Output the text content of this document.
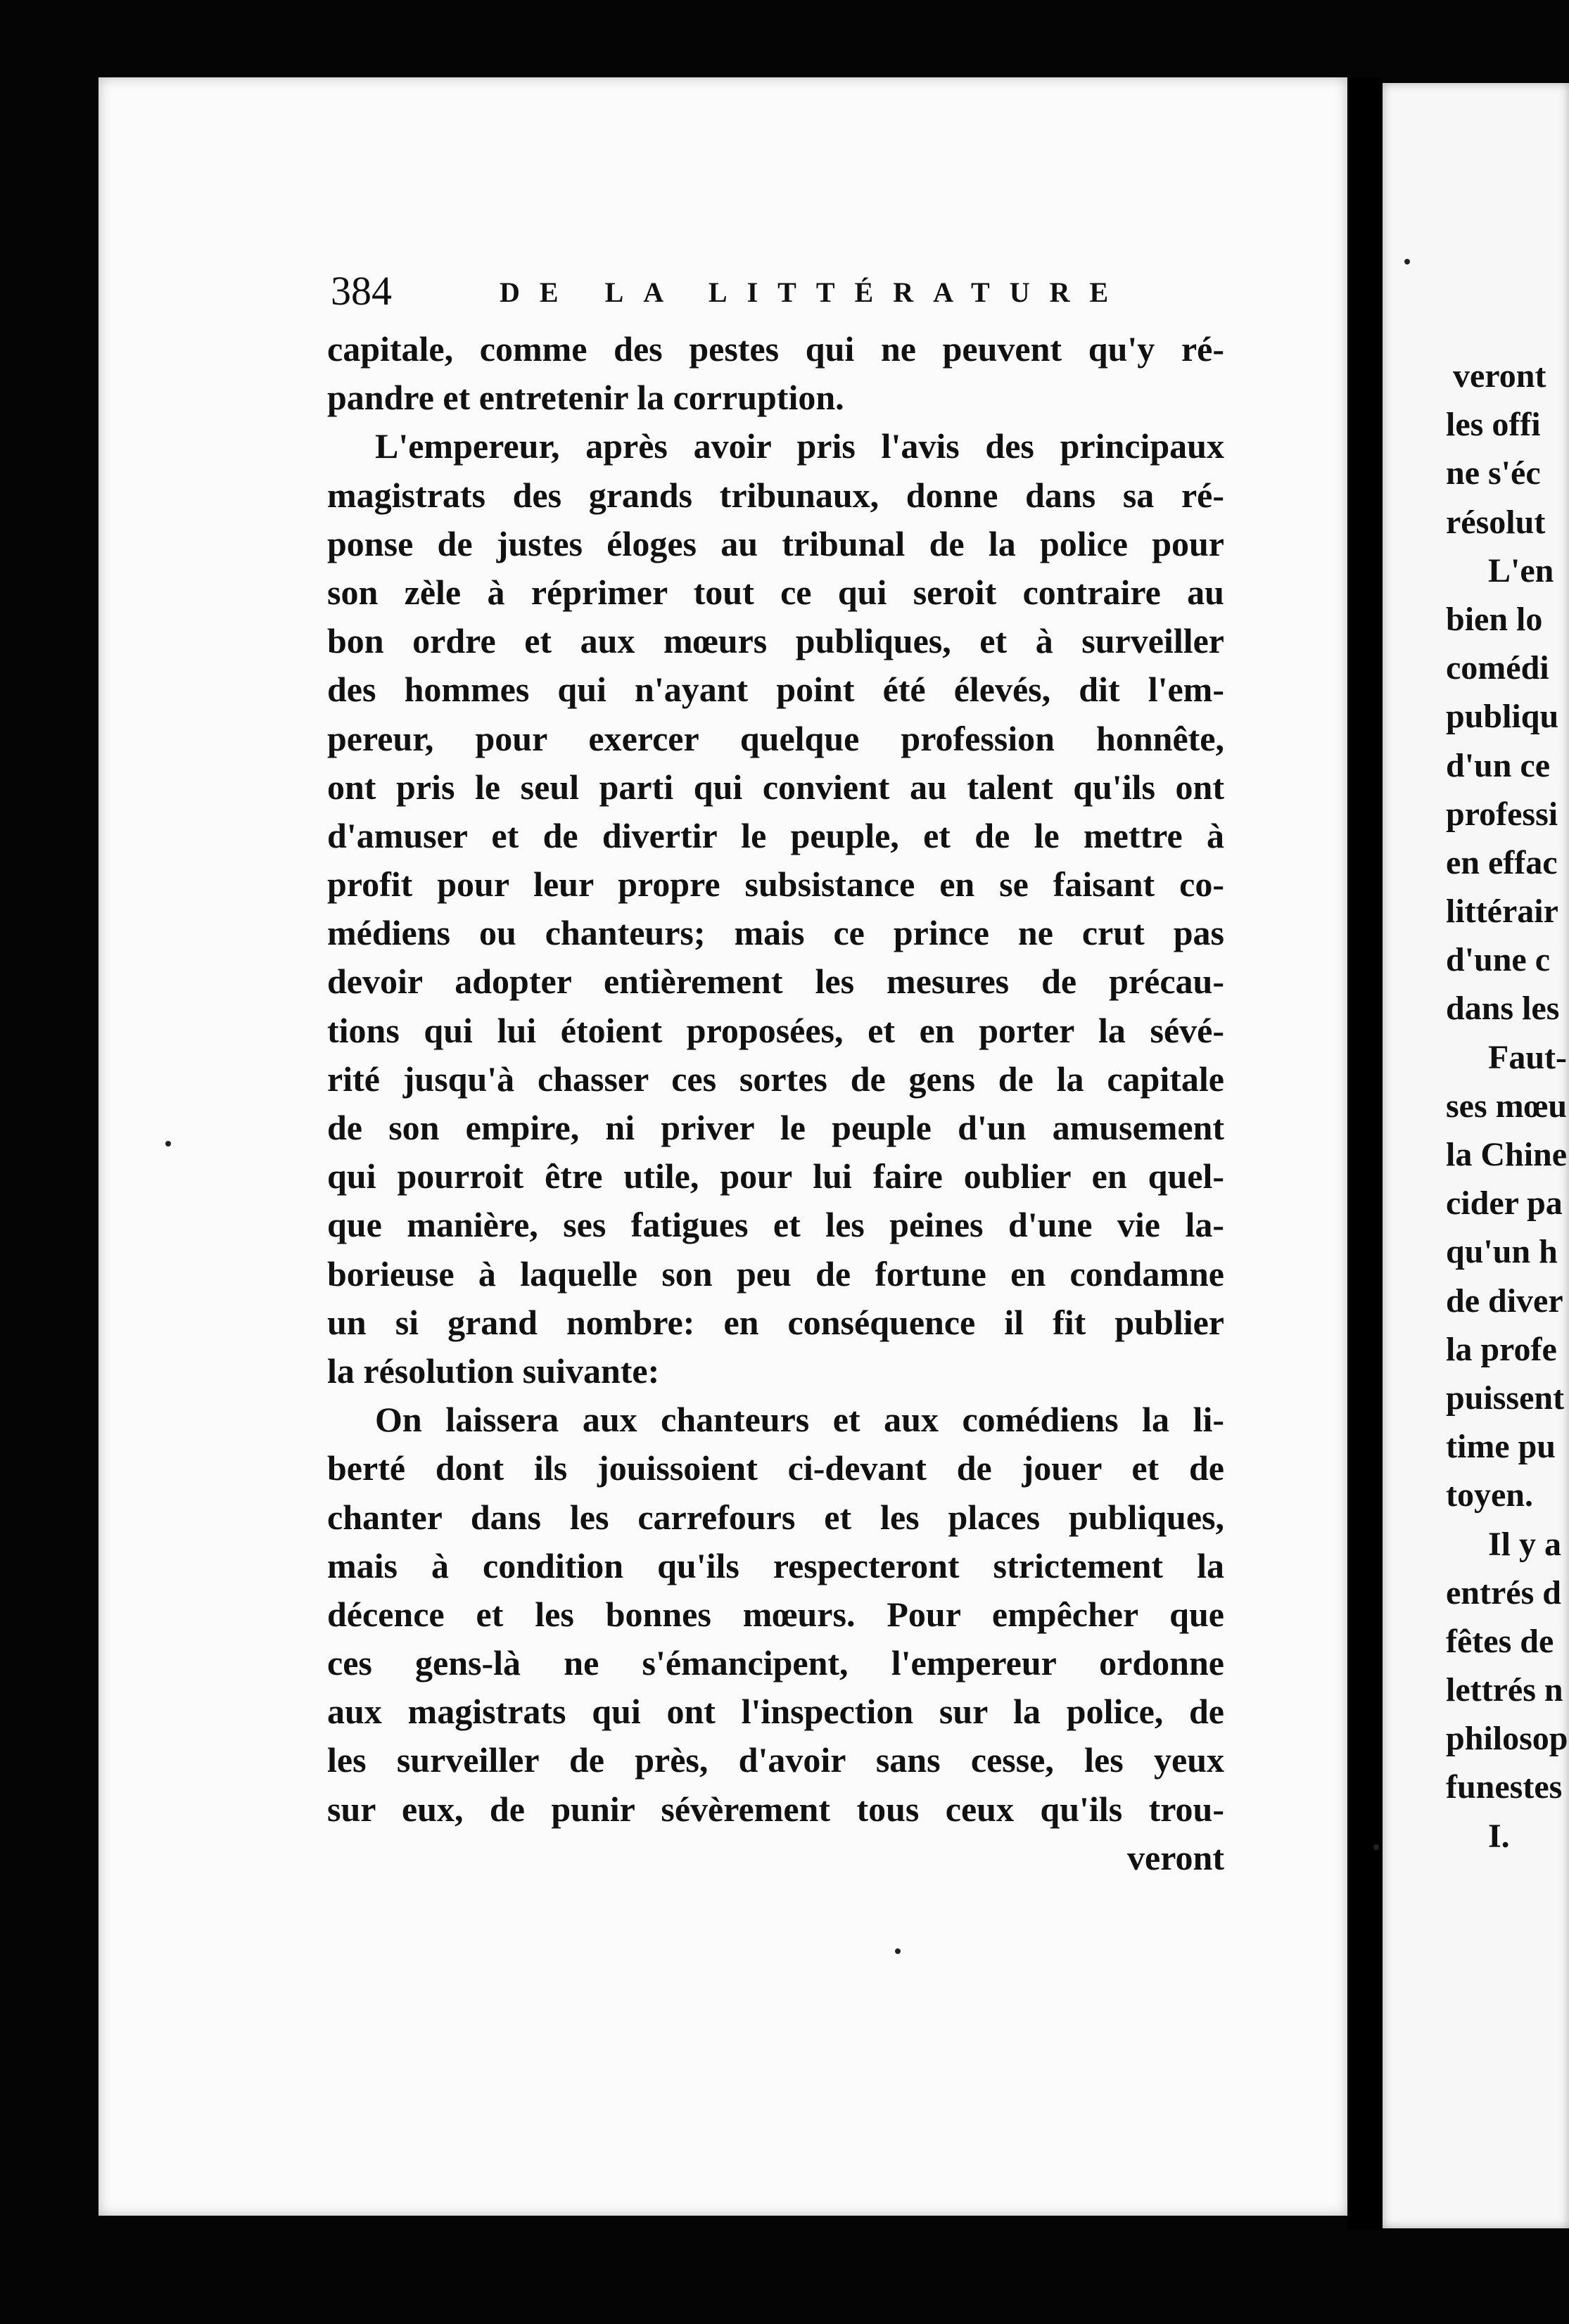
384	DE LA LITTÉRATURE
capitale, comme des pestes qui ne peuvent qu'y ré-
pandre et entretenir la corruption.
L'empereur, après avoir pris l'avis des principaux
magistrats des grands tribunaux, donne dans sa ré-
ponse de justes éloges au tribunal de la police pour
son zèle à réprimer tout ce qui seroit contraire au
bon ordre et aux mœurs publiques, et à surveiller
des hommes qui n'ayant point été élevés, dit l'em-
pereur, pour exercer quelque profession honnête,
ont pris le seul parti qui convient au talent qu'ils ont
d'amuser et de divertir le peuple, et de le mettre à
profit pour leur propre subsistance en se faisant co-
médiens ou chanteurs; mais ce prince ne crut pas
devoir adopter entièrement les mesures de précau-
tions qui lui étoient proposées, et en porter la sévé-
rité jusqu'à chasser ces sortes de gens de la capitale
de son empire, ni priver le peuple d'un amusement
qui pourroit être utile, pour lui faire oublier en quel-
que manière, ses fatigues et les peines d'une vie la-
borieuse à laquelle son peu de fortune en condamne
un si grand nombre: en conséquence il fit publier
la résolution suivante:
On laissera aux chanteurs et aux comédiens la li-
berté dont ils jouissoient ci-devant de jouer et de
chanter dans les carrefours et les places publiques,
mais à condition qu'ils respecteront strictement la
décence et les bonnes mœurs. Pour empêcher que
ces gens-là ne s'émancipent, l'empereur ordonne
aux magistrats qui ont l'inspection sur la police, de
les surveiller de près, d'avoir sans cesse, les yeux
sur eux, de punir sévèrement tous ceux qu'ils trou-
veront
veront
les offi
ne s'éc
résolut
L'en
bien lo
comédi
publiqu
d'un ce
professi
en effac
littérair
d'une c
dans les
Faut-
ses mœu
la Chine
cider pa
qu'un h
de diver
la profe
puissent
time pu
toyen.
Il y a
entrés d
fêtes de
lettrés n
philosop
funestes
I.
